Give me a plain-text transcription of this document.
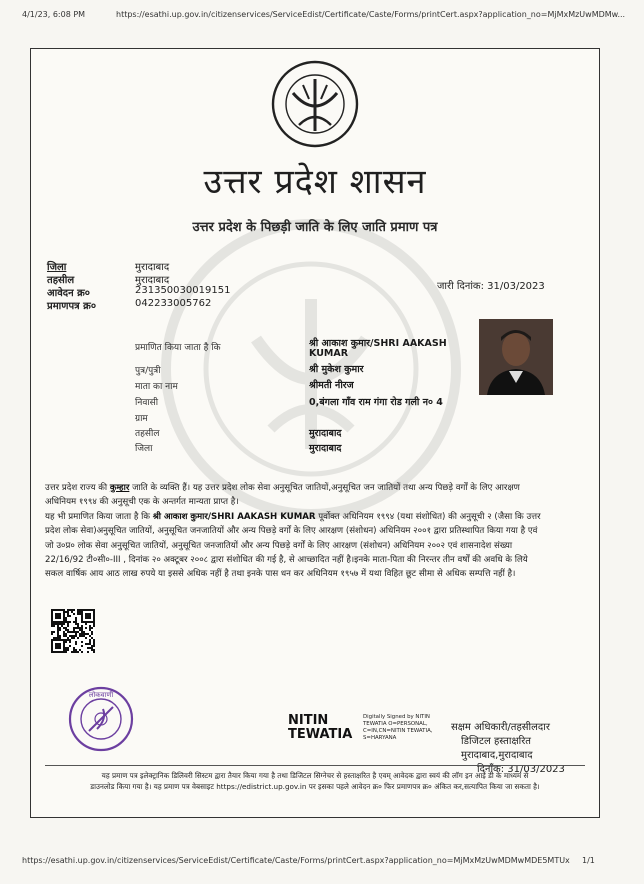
4/1/23, 6:08 PM	https://esathi.up.gov.in/citizenservices/ServiceEdist/Certificate/Caste/Forms/printCert.aspx?application_no=MjMxMzUwMDMw...
उत्तर प्रदेश शासन
उत्तर प्रदेश के पिछड़ी जाति के लिए जाति प्रमाण पत्र
जिला	मुरादाबाद
तहसील	मुरादाबाद
आवेदन क्र०	231350030019151
प्रमाणपत्र क्र०	042233005762
जारी दिनांक: 31/03/2023
प्रमाणित किया जाता है कि	श्री आकाश कुमार/SHRI AAKASH
KUMAR
पुत्र/पुत्री	श्री मुकेश कुमार
माता का नाम	श्रीमती नीरज
निवासी	0,बंगला गाँव राम गंगा रोड गली न० 4
ग्राम
तहसील	मुरादाबाद
जिला	मुरादाबाद
उत्तर प्रदेश राज्य की कुम्हार जाति के व्यक्ति हैं। यह उत्तर प्रदेश लोक सेवा अनुसूचित जातियों,अनुसूचित जन जातियों तथा अन्य पिछड़े वर्गों के लिए आरक्षण अधिनियम १९९४ की अनुसूची एक के अन्तर्गत मान्यता प्राप्त है।
यह भी प्रमाणित किया जाता है कि श्री आकाश कुमार/SHRI AAKASH KUMAR पूर्वोक्त अधिनियम १९९४ (यथा संशोधित) की अनुसूची २ (जैसा कि उत्तर प्रदेश लोक सेवा)अनुसूचित जातियों, अनुसूचित जनजातियों और अन्य पिछड़े वर्गों के लिए आरक्षण (संशोधन) अधिनियम २००१ द्वारा प्रतिस्थापित किया गया है एवं जो उ०प्र० लोक सेवा अनुसूचित जातियों, अनुसूचित जनजातियों और अन्य पिछड़े वर्गों के लिए आरक्षण (संशोधन) अधिनियम २००२ एवं शासनादेश संख्या 22/16/92 टी०सी०-III , दिनांक २० अक्टूबर २००८ द्वारा संशोधित की गई है, से आच्छादित नहीं है।इनके माता-पिता की निरन्तर तीन वर्षों की अवधि के लिये सकल वार्षिक आय आठ लाख रुपये या इससे अधिक नहीं है तथा इनके पास धन कर अधिनियम १९५७ में यथा विहित छूट सीमा से अधिक सम्पत्ति नहीं है।
लोकवाणी
NITIN
TEWATIA
Digitally Signed by NITIN TEWATIA O=PERSONAL, C=IN,CN=NITIN TEWATIA, S=HARYANA
सक्षम अधिकारी/तहसीलदार
डिजिटल हस्ताक्षरित
मुरादाबाद,मुरादाबाद
दिनाँक: 31/03/2023
यह प्रमाण पत्र इलेक्ट्रानिक डिलिवरी सिस्टम द्वारा तैयार किया गया है तथा डिजिटल सिग्नेचर से हस्ताक्षरित है एवम् आवेदक द्वारा स्वयं की लॉग इन आई डी के माध्यम से
डाउनलोड किया गया है। यह प्रमाण पत्र वेबसाइट https://edistrict.up.gov.in पर इसका पहले आवेदन क्र० फिर प्रमाणपत्र क्र० अंकित कर,सत्यापित किया जा सकता है।
https://esathi.up.gov.in/citizenservices/ServiceEdist/Certificate/Caste/Forms/printCert.aspx?application_no=MjMxMzUwMDMwMDE5MTUx 1/1
